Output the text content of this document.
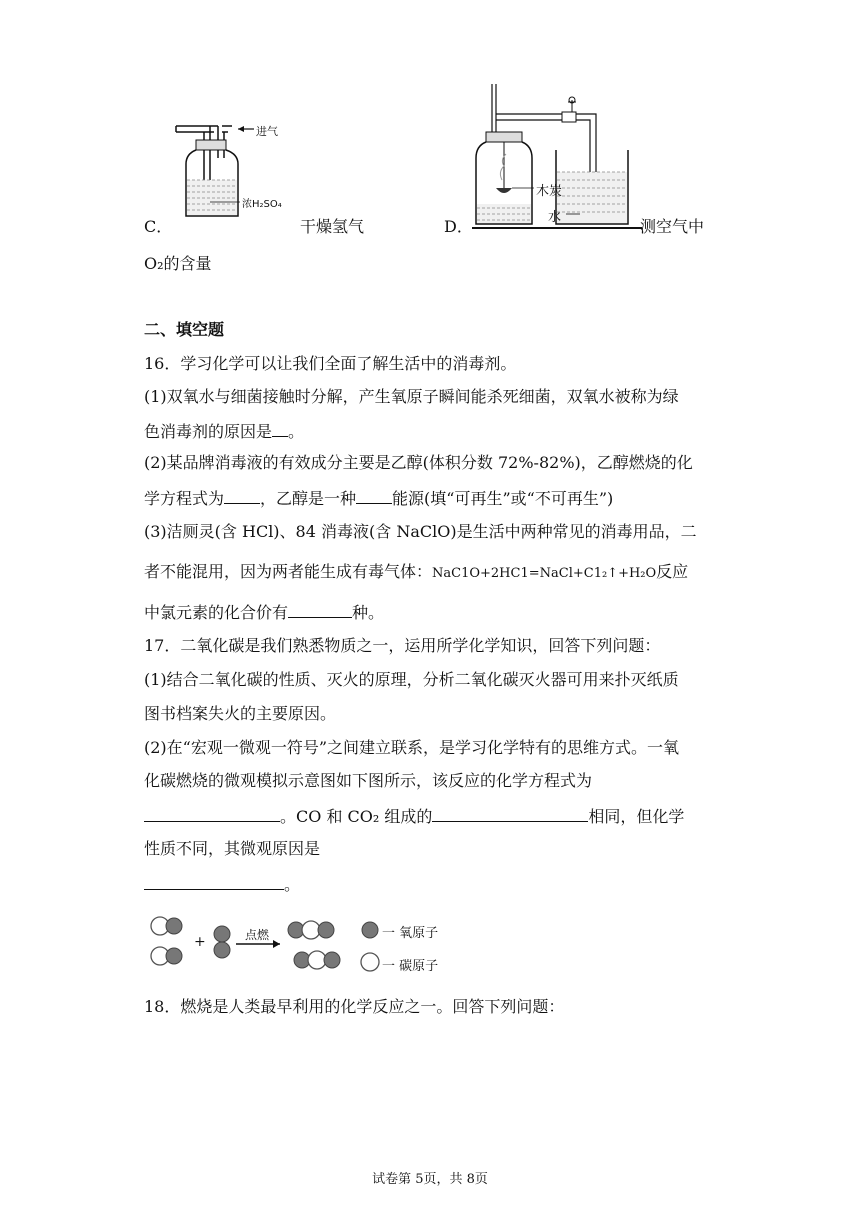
进气
浓H₂SO₄
木炭
水
C．	干燥氢气	D．	测空气中
O₂的含量
二、填空题
16．学习化学可以让我们全面了解生活中的消毒剂。
(1)双氧水与细菌接触时分解，产生氧原子瞬间能杀死细菌，双氧水被称为绿
色消毒剂的原因是 。
(2)某品牌消毒液的有效成分主要是乙醇(体积分数 72%-82%)，乙醇燃烧的化
学方程式为 ，乙醇是一种 能源(填“可再生”或“不可再生”)
(3)洁厕灵(含 HCl)、84 消毒液(含 NaClO)是生活中两种常见的消毒用品，二
者不能混用，因为两者能生成有毒气体：NaC1O+2HC1=NaCl+C1₂↑+H₂O反应
中氯元素的化合价有	种。
17．二氧化碳是我们熟悉物质之一，运用所学化学知识，回答下列问题：
(1)结合二氧化碳的性质、灭火的原理，分析二氧化碳灭火器可用来扑灭纸质
图书档案失火的主要原因。
(2)在“宏观一微观一符号”之间建立联系，是学习化学特有的思维方式。一氧
化碳燃烧的微观模拟示意图如下图所示，该反应的化学方程式为
。CO 和 CO₂ 组成的	相同，但化学
性质不同，其微观原因是
。
+	点燃	一 氧原子
一 碳原子
18．燃烧是人类最早利用的化学反应之一。回答下列问题：
试卷第 5页，共 8页
